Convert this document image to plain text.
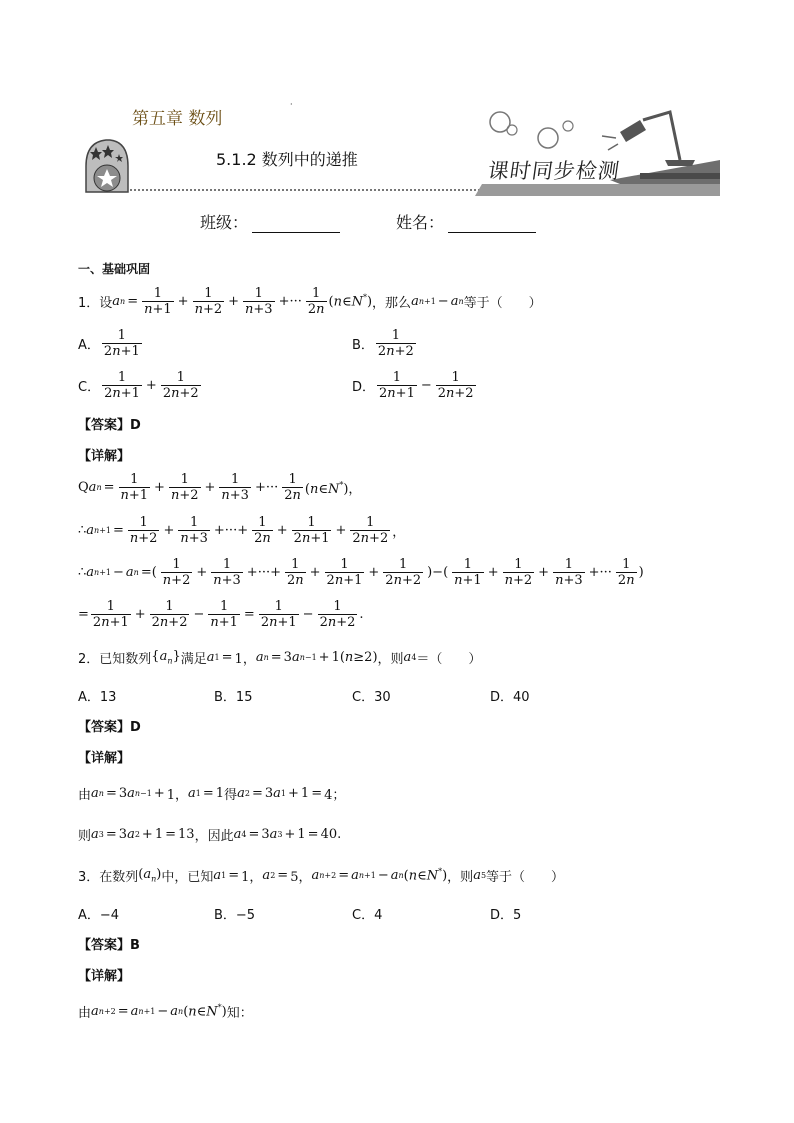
第五章 数列
·
5.1.2 数列中的递推	课时同步检测
班级：	姓名：
一、基础巩固
1．设 a $n = \frac{1}{n+1} + \frac{1}{n+2} + \frac{1}{n+3}$ +··· $\frac{1}{2n}$ (n∈N*) ，那么 a n+1 − a n 等于（　　）
A． $\frac{1}{2n+1}$	B． $\frac{1}{2n+2}$
C． $\frac{1}{2n+1} + \frac{1}{2n+2}$	D． $\frac{1}{2n+1} - \frac{1}{2n+2}$
【答案】D
【详解】
Q a $n = \frac{1}{n+1} + \frac{1}{n+2} + \frac{1}{n+3}$ +··· $\frac{1}{2n}$ (n∈N*)，
∴ a $n+1 = \frac{1}{n+2} + \frac{1}{n+3}$ +···+ $\frac{1}{2n} + \frac{1}{2n+1} + \frac{1}{2n+2}$ ，
∴ a n+1 − a n =( $\frac{1}{n+2} + \frac{1}{n+3}$ +···+ $\frac{1}{2n} + \frac{1}{2n+1} + \frac{1}{2n+2}$ )−( $\frac{1}{n+1} + \frac{1}{n+2} + \frac{1}{n+3}$ +··· $\frac{1}{2n}$ )
= $\frac{1}{2n+1} + \frac{1}{2n+2} - \frac{1}{n+1} = \frac{1}{2n+1} - \frac{1}{2n+2}$ .
2．已知数列 $\{a_n\}$ 满足 a 1 = 1， a n = 3 a n−1 + 1(n≥2) ，则 a 4 ＝（　　）
A．13	B．15	C．30	D．40
【答案】D
【详解】
由 a n = 3 a n−1 + 1， a 1 = 1 得 a 2 = 3 a 1 + 1 = 4；
则 a 3 = 3 a 2 + 1 = 13 ，因此 a 4 = 3 a 3 + 1 = 40.
3．在数列 $(a_n)$ 中，已知 a 1 = 1， a 2 = 5， a n+2 = a n+1 − a n (n∈N*) ，则 a 5 等于（　　）
A．−4	B．−5	C．4	D．5
【答案】B
【详解】
由 a n+2 = a n+1 − a n (n∈N*) 知：
